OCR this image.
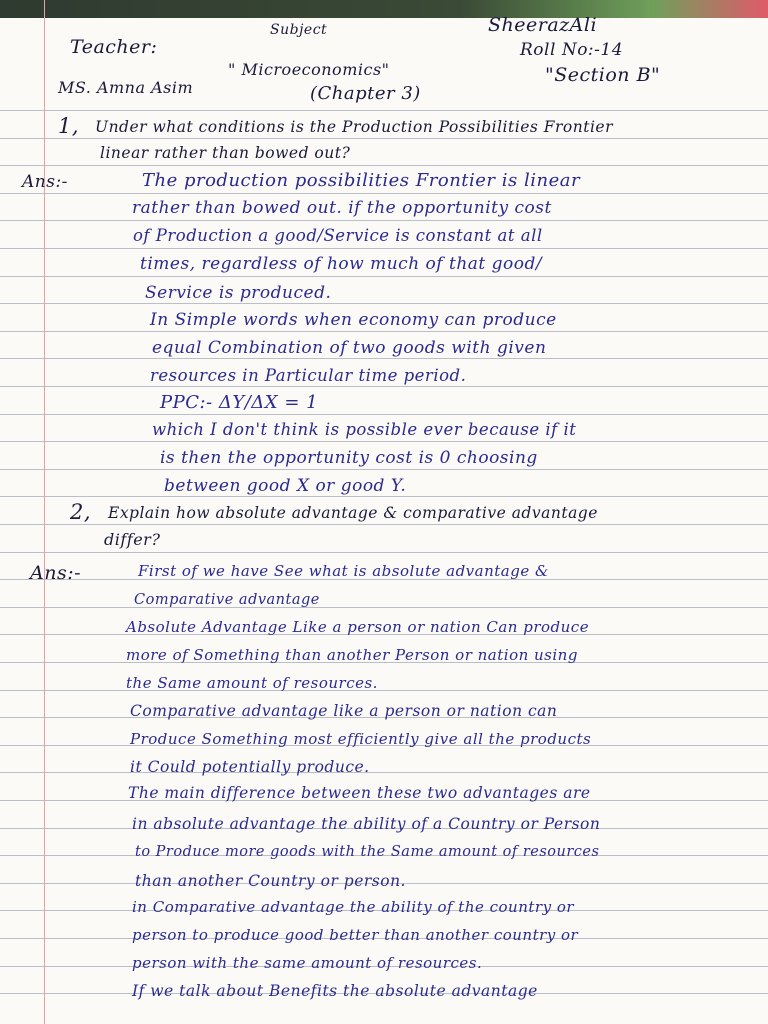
Teacher:
Subject	SheerazAli
Roll No:-14
MS. Amna Asim
" Microeconomics"	"Section B"
(Chapter 3)
1, Under what conditions is the Production Possibilities Frontier
linear rather than bowed out?
Ans:-	The production possibilities Frontier is linear
rather than bowed out. if the opportunity cost
of Production a good/Service is constant at all
times, regardless of how much of that good/
Service is produced.
In Simple words when economy can produce
equal Combination of two goods with given
resources in Particular time period.
PPC:- ΔY/ΔX = 1
which I don't think is possible ever because if it
is then the opportunity cost is 0 choosing
between good X or good Y.
2, Explain how absolute advantage & comparative advantage
differ?
Ans:-	First of we have See what is absolute advantage &
Comparative advantage
Absolute Advantage Like a person or nation Can produce
more of Something than another Person or nation using
the Same amount of resources.
Comparative advantage like a person or nation can
Produce Something most efficiently give all the products
it Could potentially produce.
The main difference between these two advantages are
in absolute advantage the ability of a Country or Person
to Produce more goods with the Same amount of resources
than another Country or person.
in Comparative advantage the ability of the country or
person to produce good better than another country or
person with the same amount of resources.
If we talk about Benefits the absolute advantage
